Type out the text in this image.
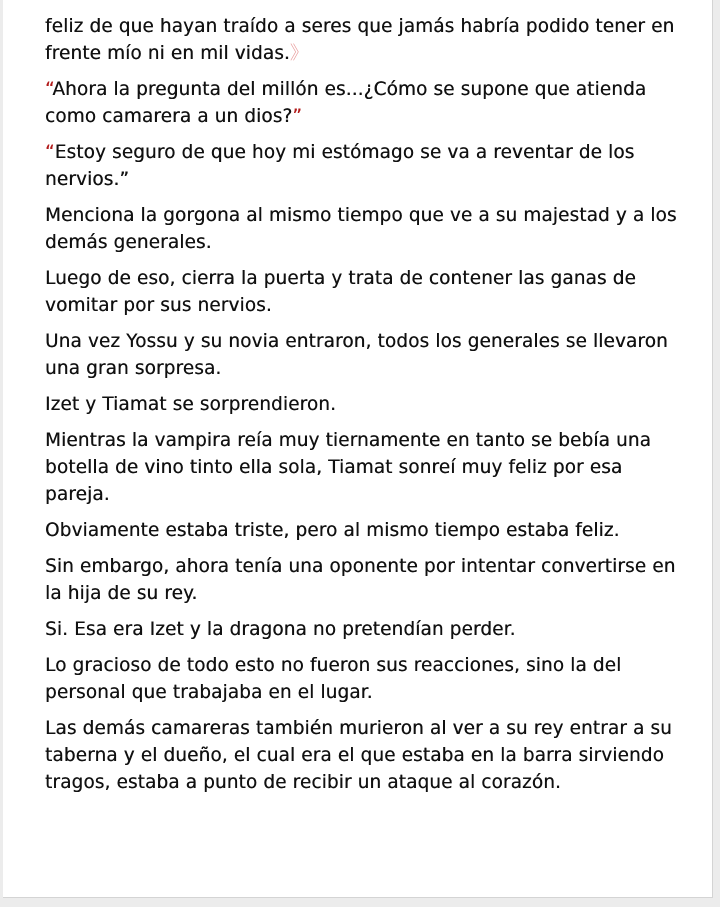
feliz de que hayan traído a seres que jamás habría podido tener en frente mío ni en mil vidas.》

“Ahora la pregunta del millón es...¿Cómo se supone que atienda como camarera a un dios?”

“Estoy seguro de que hoy mi estómago se va a reventar de los nervios.”

Menciona la gorgona al mismo tiempo que ve a su majestad y a los demás generales.

Luego de eso, cierra la puerta y trata de contener las ganas de vomitar por sus nervios.

Una vez Yossu y su novia entraron, todos los generales se llevaron una gran sorpresa.

Izet y Tiamat se sorprendieron.

Mientras la vampira reía muy tiernamente en tanto se bebía una botella de vino tinto ella sola, Tiamat sonreí muy feliz por esa pareja.

Obviamente estaba triste, pero al mismo tiempo estaba feliz.

Sin embargo, ahora tenía una oponente por intentar convertirse en la hija de su rey.

Si. Esa era Izet y la dragona no pretendían perder.

Lo gracioso de todo esto no fueron sus reacciones, sino la del personal que trabajaba en el lugar.

Las demás camareras también murieron al ver a su rey entrar a su taberna y el dueño, el cual era el que estaba en la barra sirviendo tragos, estaba a punto de recibir un ataque al corazón.
